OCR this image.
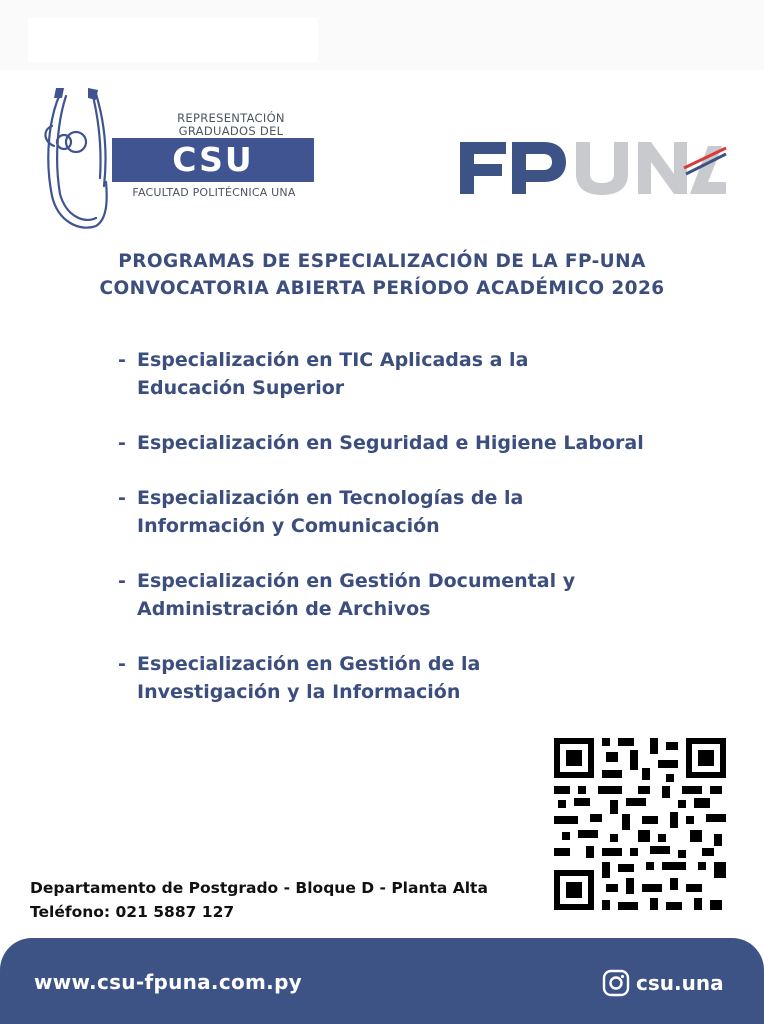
REPRESENTACIÓN
GRADUADOS DEL
CSU
FACULTAD POLITÉCNICA UNA
PROGRAMAS DE ESPECIALIZACIÓN DE LA FP-UNA
CONVOCATORIA ABIERTA PERÍODO ACADÉMICO 2026
- Especialización en TIC Aplicadas a la
Educación Superior
- Especialización en Seguridad e Higiene Laboral
- Especialización en Tecnologías de la
Información y Comunicación
- Especialización en Gestión Documental y
Administración de Archivos
- Especialización en Gestión de la
Investigación y la Información
Departamento de Postgrado - Bloque D - Planta Alta
Teléfono: 021 5887 127
www.csu-fpuna.com.py	csu.una
